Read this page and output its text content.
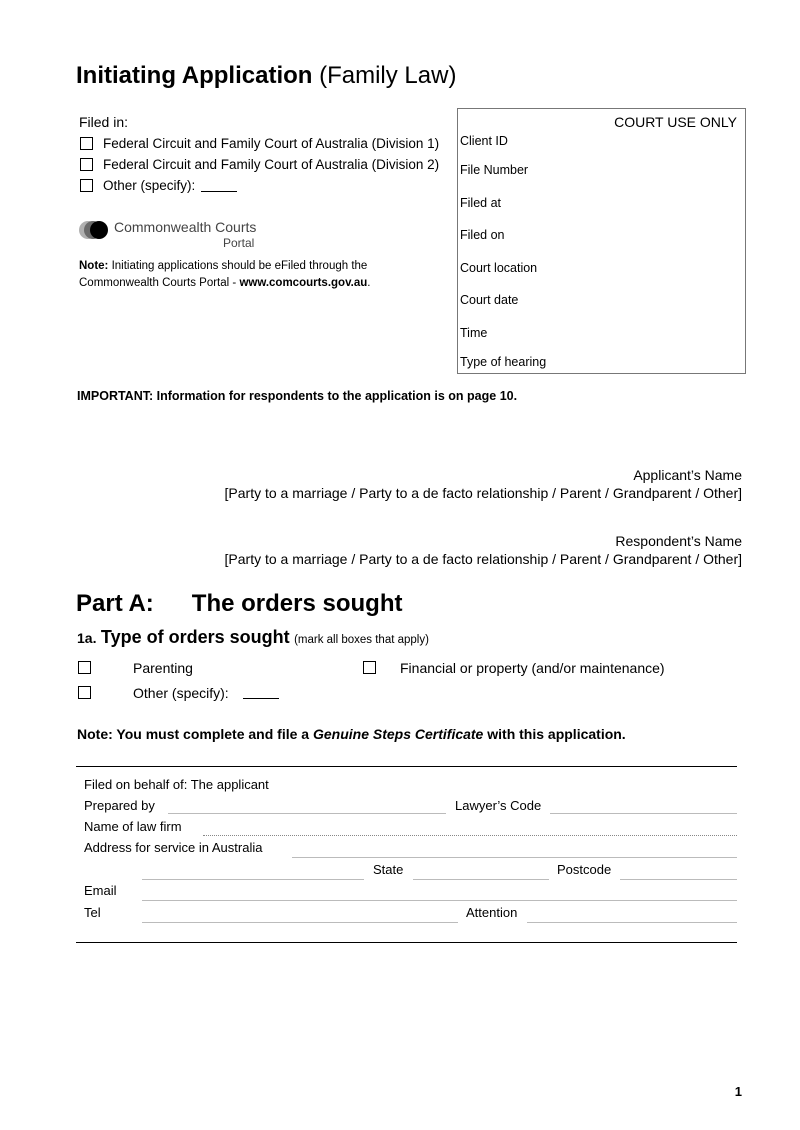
Initiating Application (Family Law)
Filed in:
Federal Circuit and Family Court of Australia (Division 1)
Federal Circuit and Family Court of Australia (Division 2)
Other (specify):
Commonwealth Courts
Portal
Note: Initiating applications should be eFiled through the Commonwealth Courts Portal - www.comcourts.gov.au.
COURT USE ONLY
Client ID
File Number
Filed at
Filed on
Court location
Court date
Time
Type of hearing
IMPORTANT: Information for respondents to the application is on page 10.
Applicant’s Name
[Party to a marriage / Party to a de facto relationship / Parent / Grandparent / Other]
Respondent’s Name
[Party to a marriage / Party to a de facto relationship / Parent / Grandparent / Other]
Part A: The orders sought
1a. Type of orders sought (mark all boxes that apply)
Parenting	Financial or property (and/or maintenance)
Other (specify):
Note: You must complete and file a Genuine Steps Certificate with this application.
Filed on behalf of: The applicant
Prepared by	Lawyer’s Code
Name of law firm
Address for service in Australia
State	Postcode
Email
Tel	Attention
1
